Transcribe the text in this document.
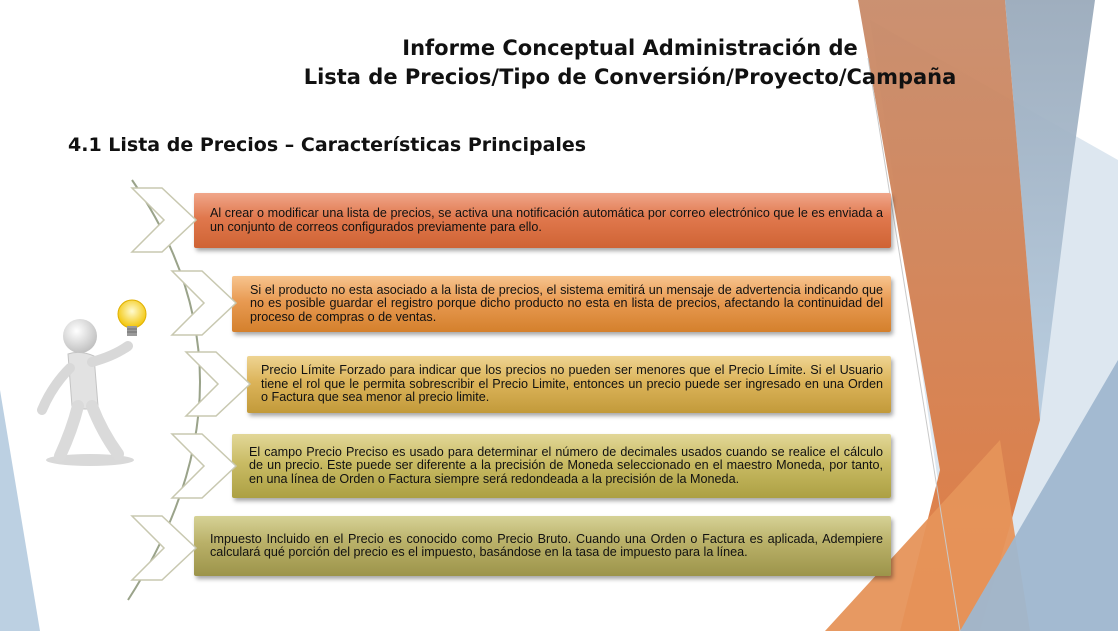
Informe Conceptual Administración de
Lista de Precios/Tipo de Conversión/Proyecto/Campaña
4.1 Lista de Precios – Características Principales

Al crear o modificar una lista de precios, se activa una notificación automática por correo electrónico que le es enviada a un conjunto de correos configurados previamente para ello.

Si el producto no esta asociado a la lista de precios, el sistema emitirá un mensaje de advertencia indicando que no es posible guardar el registro porque dicho producto no esta en lista de precios, afectando la continuidad del proceso de compras o de ventas.

Precio Límite Forzado para indicar que los precios no pueden ser menores que el Precio Límite. Si el Usuario tiene el rol que le permita sobrescribir el Precio Limite, entonces un precio puede ser ingresado en una Orden o Factura que sea menor al precio limite.

El campo Precio Preciso es usado para determinar el número de decimales usados cuando se realice el cálculo de un precio. Este puede ser diferente a la precisión de Moneda seleccionado en el maestro Moneda, por tanto, en una línea de Orden o Factura siempre será redondeada a la precisión de la Moneda.

Impuesto Incluido en el Precio es conocido como Precio Bruto. Cuando una Orden o Factura es aplicada, Adempiere calculará qué porción del precio es el impuesto, basándose en la tasa de impuesto para la línea.
